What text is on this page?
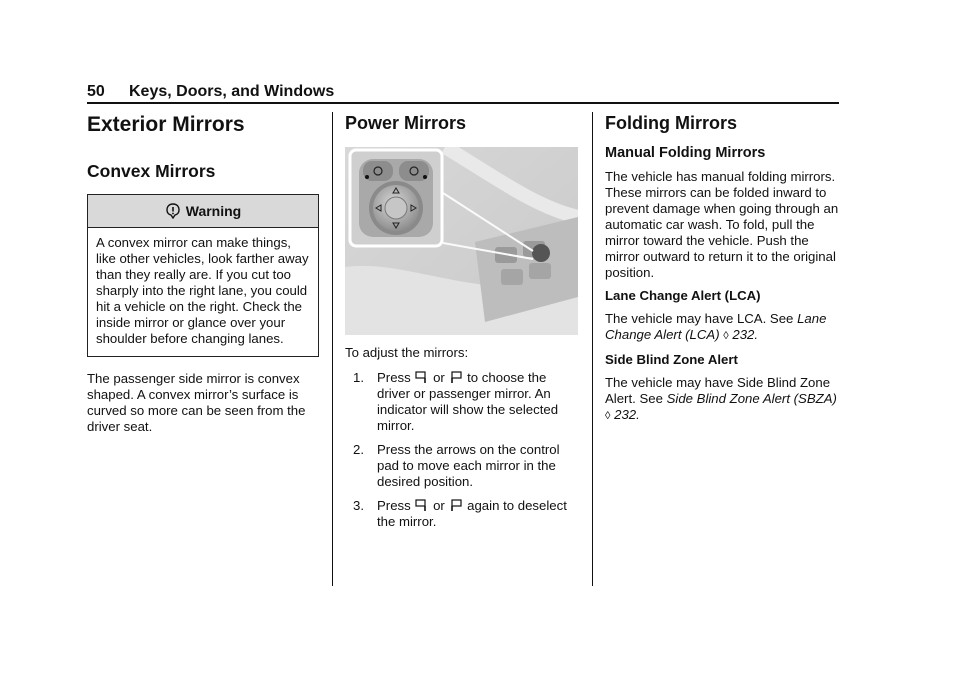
50 Keys, Doors, and Windows
Exterior Mirrors
Convex Mirrors
Warning
A convex mirror can make things, like other vehicles, look farther away than they really are. If you cut too sharply into the right lane, you could hit a vehicle on the right. Check the inside mirror or glance over your shoulder before changing lanes.

The passenger side mirror is convex shaped. A convex mirror’s surface is curved so more can be seen from the driver seat.

Power Mirrors

To adjust the mirrors:

1. Press or to choose the driver or passenger mirror. An indicator will show the selected mirror.
2. Press the arrows on the control pad to move each mirror in the desired position.
3. Press or again to deselect the mirror.
Folding Mirrors
Manual Folding Mirrors

The vehicle has manual folding mirrors. These mirrors can be folded inward to prevent damage when going through an automatic car wash. To fold, pull the mirror toward the vehicle. Push the mirror outward to return it to the original position.

Lane Change Alert (LCA)

The vehicle may have LCA. See Lane Change Alert (LCA) ◊ 232.

Side Blind Zone Alert

The vehicle may have Side Blind Zone Alert. See Side Blind Zone Alert (SBZA) ◊ 232.
